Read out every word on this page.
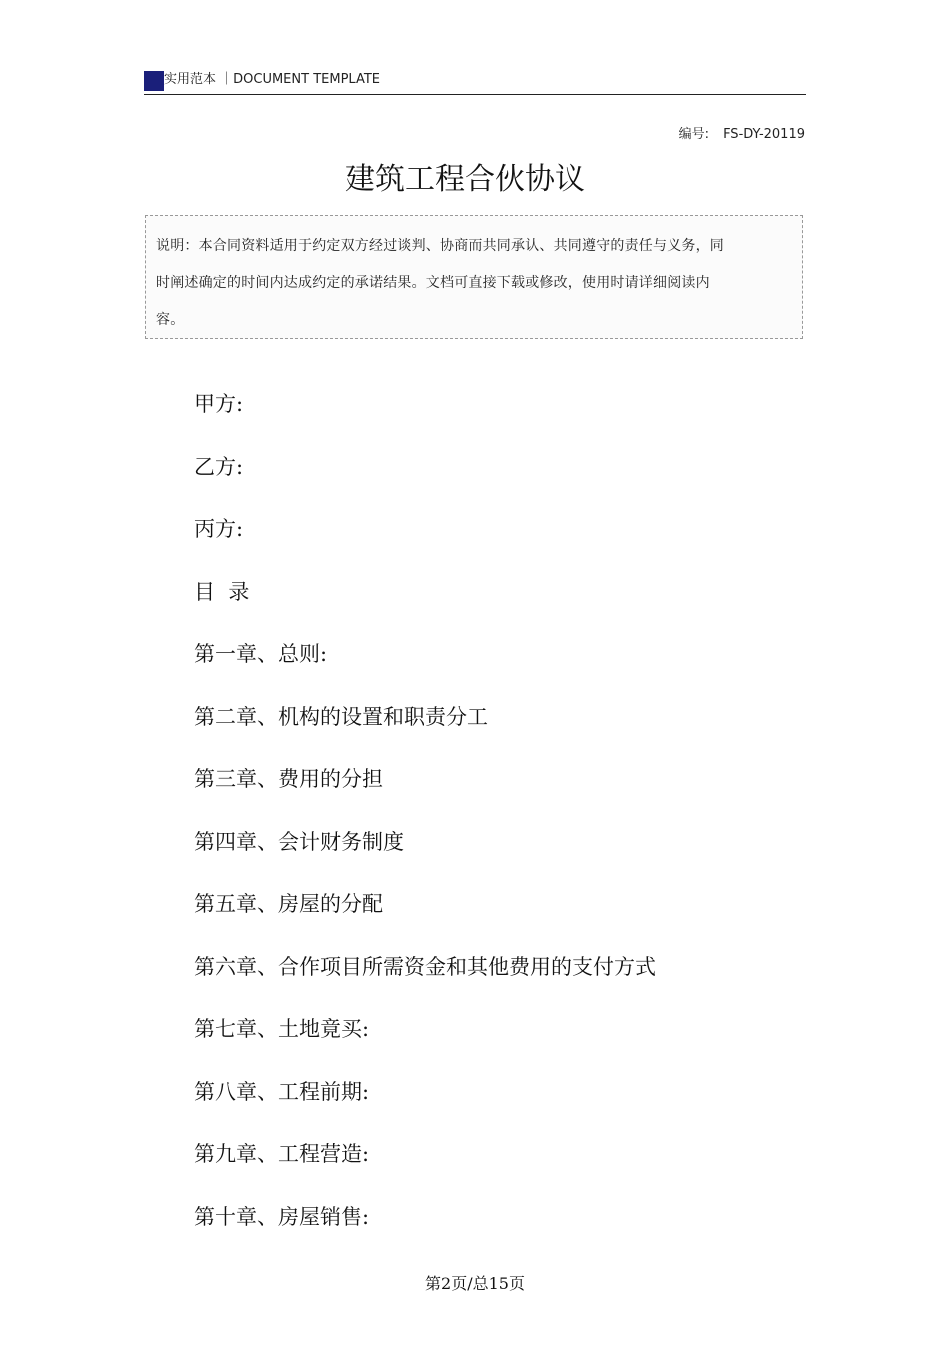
实用范本 ｜DOCUMENT TEMPLATE
编号: FS-DY-20119
建筑工程合伙协议
说明：本合同资料适用于约定双方经过谈判、协商而共同承认、共同遵守的责任与义务，同时阐述确定的时间内达成约定的承诺结果。文档可直接下载或修改，使用时请详细阅读内容。
甲方:
乙方:
丙方:
目  录
第一章、总则:
第二章、机构的设置和职责分工
第三章、费用的分担
第四章、会计财务制度
第五章、房屋的分配
第六章、合作项目所需资金和其他费用的支付方式
第七章、土地竟买:
第八章、工程前期:
第九章、工程营造:
第十章、房屋销售:
第2页/总15页
